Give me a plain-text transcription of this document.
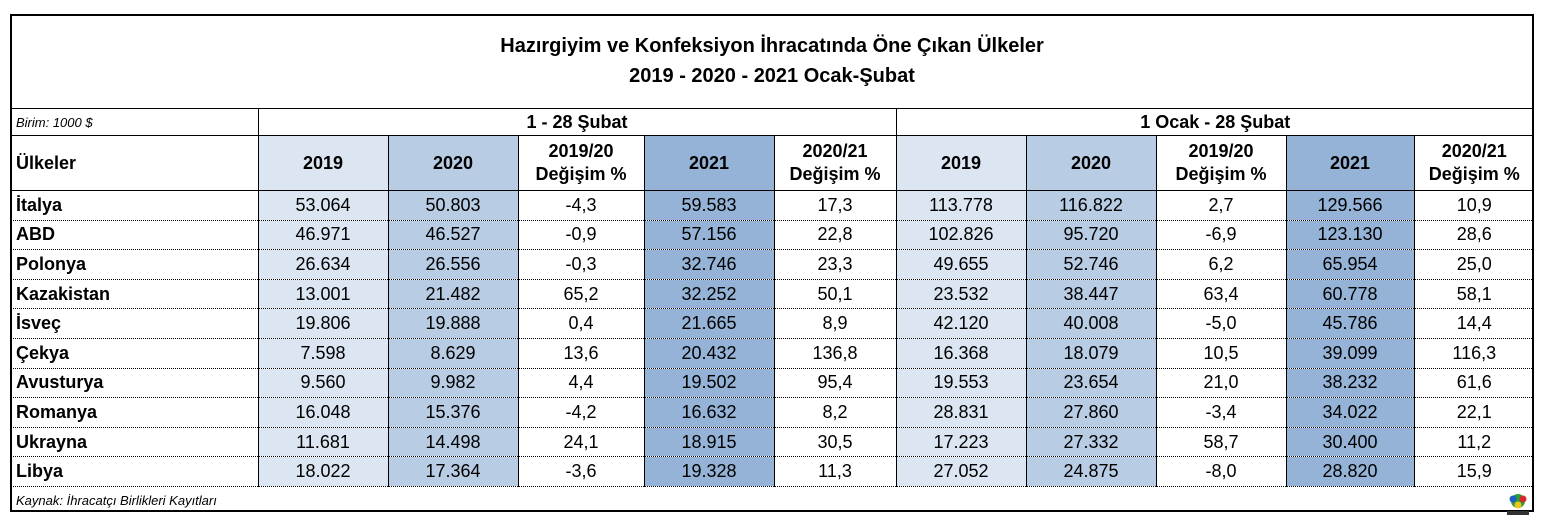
Hazırgiyim ve Konfeksiyon İhracatında Öne Çıkan Ülkeler
2019 - 2020 - 2021 Ocak-Şubat										

Birim: 1000 $	1 - 28 Şubat					1 Ocak - 28 Şubat				
Ülkeler	2019	2020	2019/20 Değişim %	2021	2020/21 Değişim %	2019	2020	2019/20 Değişim %	2021	2020/21 Değişim %
İtalya	53.064	50.803	-4,3	59.583	17,3	113.778	116.822	2,7	129.566	10,9
ABD	46.971	46.527	-0,9	57.156	22,8	102.826	95.720	-6,9	123.130	28,6
Polonya	26.634	26.556	-0,3	32.746	23,3	49.655	52.746	6,2	65.954	25,0
Kazakistan	13.001	21.482	65,2	32.252	50,1	23.532	38.447	63,4	60.778	58,1
İsveç	19.806	19.888	0,4	21.665	8,9	42.120	40.008	-5,0	45.786	14,4
Çekya	7.598	8.629	13,6	20.432	136,8	16.368	18.079	10,5	39.099	116,3
Avusturya	9.560	9.982	4,4	19.502	95,4	19.553	23.654	21,0	38.232	61,6
Romanya	16.048	15.376	-4,2	16.632	8,2	28.831	27.860	-3,4	34.022	22,1
Ukrayna	11.681	14.498	24,1	18.915	30,5	17.223	27.332	58,7	30.400	11,2
Libya	18.022	17.364	-3,6	19.328	11,3	27.052	24.875	-8,0	28.820	15,9
Kaynak: İhracatçı Birlikleri Kayıtları										
